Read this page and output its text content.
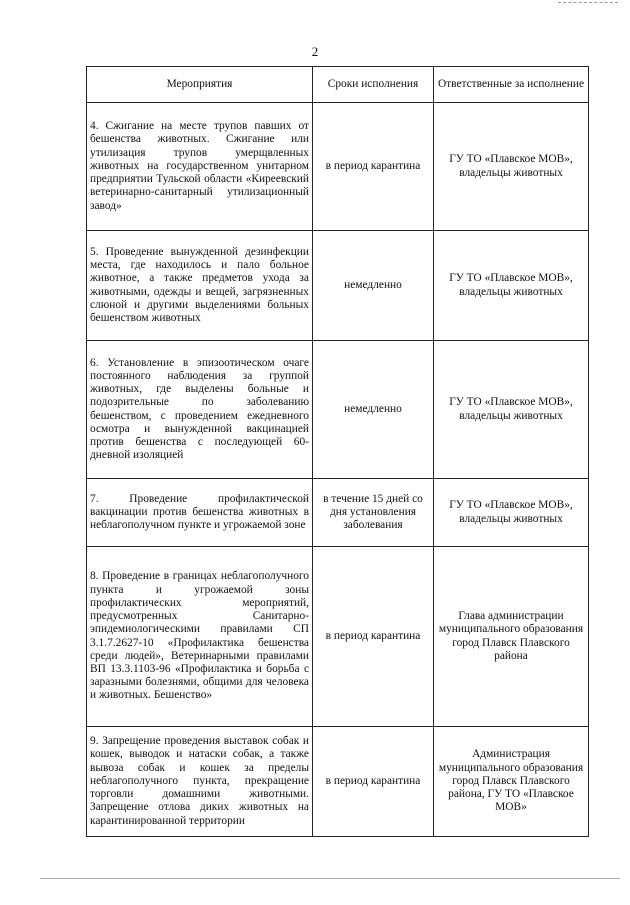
2
Мероприятия	Сроки исполнения	Ответственные за исполнение
4. Сжигание на месте трупов павших от бешенства животных. Сжигание или утилизация трупов умерщвленных животных на государственном унитарном предприятии Тульской области «Киреевский ветеринарно-санитарный утилизационный завод»	в период карантина	ГУ ТО «Плавское МОВ», владельцы животных
5. Проведение вынужденной дезинфекции места, где находилось и пало больное животное, а также предметов ухода за животными, одежды и вещей, загрязненных слюной и другими выделениями больных бешенством животных	немедленно	ГУ ТО «Плавское МОВ», владельцы животных
6. Установление в эпизоотическом очаге постоянного наблюдения за группой животных, где выделены больные и подозрительные по заболеванию бешенством, с проведением ежедневного осмотра и вынужденной вакцинацией против бешенства с последующей 60-дневной изоляцией	немедленно	ГУ ТО «Плавское МОВ», владельцы животных
7. Проведение профилактической вакцинации против бешенства животных в неблагополучном пункте и угрожаемой зоне	в течение 15 дней со дня установления заболевания	ГУ ТО «Плавское МОВ», владельцы животных
8. Проведение в границах неблагополучного пункта и угрожаемой зоны профилактических мероприятий, предусмотренных Санитарно-эпидемиологическими правилами СП 3.1.7.2627-10 «Профилактика бешенства среди людей», Ветеринарными правилами ВП 13.3.1103-96 «Профилактика и борьба с заразными болезнями, общими для человека и животных. Бешенство»	в период карантина	Глава администрации муниципального образования город Плавск Плавского района
9. Запрещение проведения выставок собак и кошек, выводок и натаски собак, а также вывоза собак и кошек за пределы неблагополучного пункта, прекращение торговли домашними животными. Запрещение отлова диких животных на карантинированной территории	в период карантина	Администрация муниципального образования город Плавск Плавского района, ГУ ТО «Плавское МОВ»
